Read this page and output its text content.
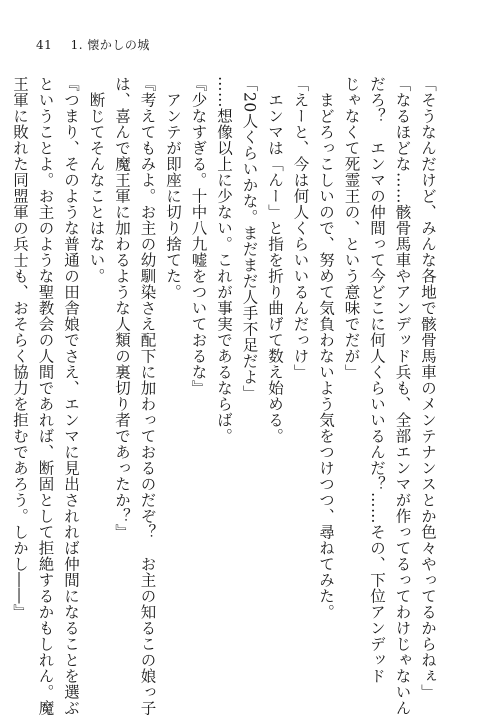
41 1. 懐かしの城
「そうなんだけど、みんな各地で骸骨馬車のメンテナンスとか色々やってるからねぇ」
「なるほどな……骸骨馬車やアンデッド兵も、全部エンマが作ってるってわけじゃないん
だろ？　エンマの仲間って今どこに何人くらいいるんだ？……その、下位アンデッド
じゃなくて死霊王の、という意味でだが」
　まどろっこしいので、努めて気負わないよう気をつけつつ、尋ねてみた。
「えーと、今は何人くらいいるんだっけ」
　エンマは「んー」と指を折り曲げて数え始める。
「20人くらいかな。まだまだ人手不足だよ」
……想像以上に少ない。これが事実であるならば。
『少なすぎる。十中八九嘘をついておるな』
　アンテが即座に切り捨てた。
『考えてもみよ。お主の幼馴染さえ配下に加わっておるのだぞ？　お主の知るこの娘っ子
は、喜んで魔王軍に加わるような人類の裏切り者であったか？』
　断じてそんなことはない。
『つまり、そのような普通の田舎娘でさえ、エンマに見出されれば仲間になることを選ぶ
ということよ。お主のような聖教会の人間であれば、断固として拒絶するかもしれん。魔
王軍に敗れた同盟軍の兵士も、おそらく協力を拒むであろう。しかし――』
